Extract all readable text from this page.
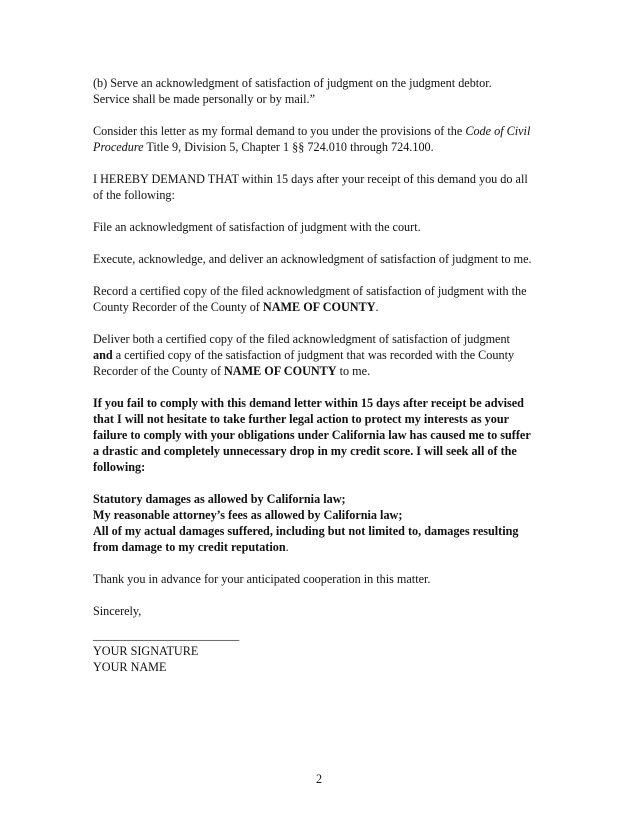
(b) Serve an acknowledgment of satisfaction of judgment on the judgment debtor.
Service shall be made personally or by mail.”

Consider this letter as my formal demand to you under the provisions of the Code of Civil
Procedure Title 9, Division 5, Chapter 1 §§ 724.010 through 724.100.

I HEREBY DEMAND THAT within 15 days after your receipt of this demand you do all
of the following:

File an acknowledgment of satisfaction of judgment with the court.

Execute, acknowledge, and deliver an acknowledgment of satisfaction of judgment to me.

Record a certified copy of the filed acknowledgment of satisfaction of judgment with the
County Recorder of the County of NAME OF COUNTY.

Deliver both a certified copy of the filed acknowledgment of satisfaction of judgment
and a certified copy of the satisfaction of judgment that was recorded with the County
Recorder of the County of NAME OF COUNTY to me.

If you fail to comply with this demand letter within 15 days after receipt be advised
that I will not hesitate to take further legal action to protect my interests as your
failure to comply with your obligations under California law has caused me to suffer
a drastic and completely unnecessary drop in my credit score. I will seek all of the
following:

Statutory damages as allowed by California law;
My reasonable attorney’s fees as allowed by California law;
All of my actual damages suffered, including but not limited to, damages resulting
from damage to my credit reputation.

Thank you in advance for your anticipated cooperation in this matter.

Sincerely,
________________________
YOUR SIGNATURE
YOUR NAME

2
